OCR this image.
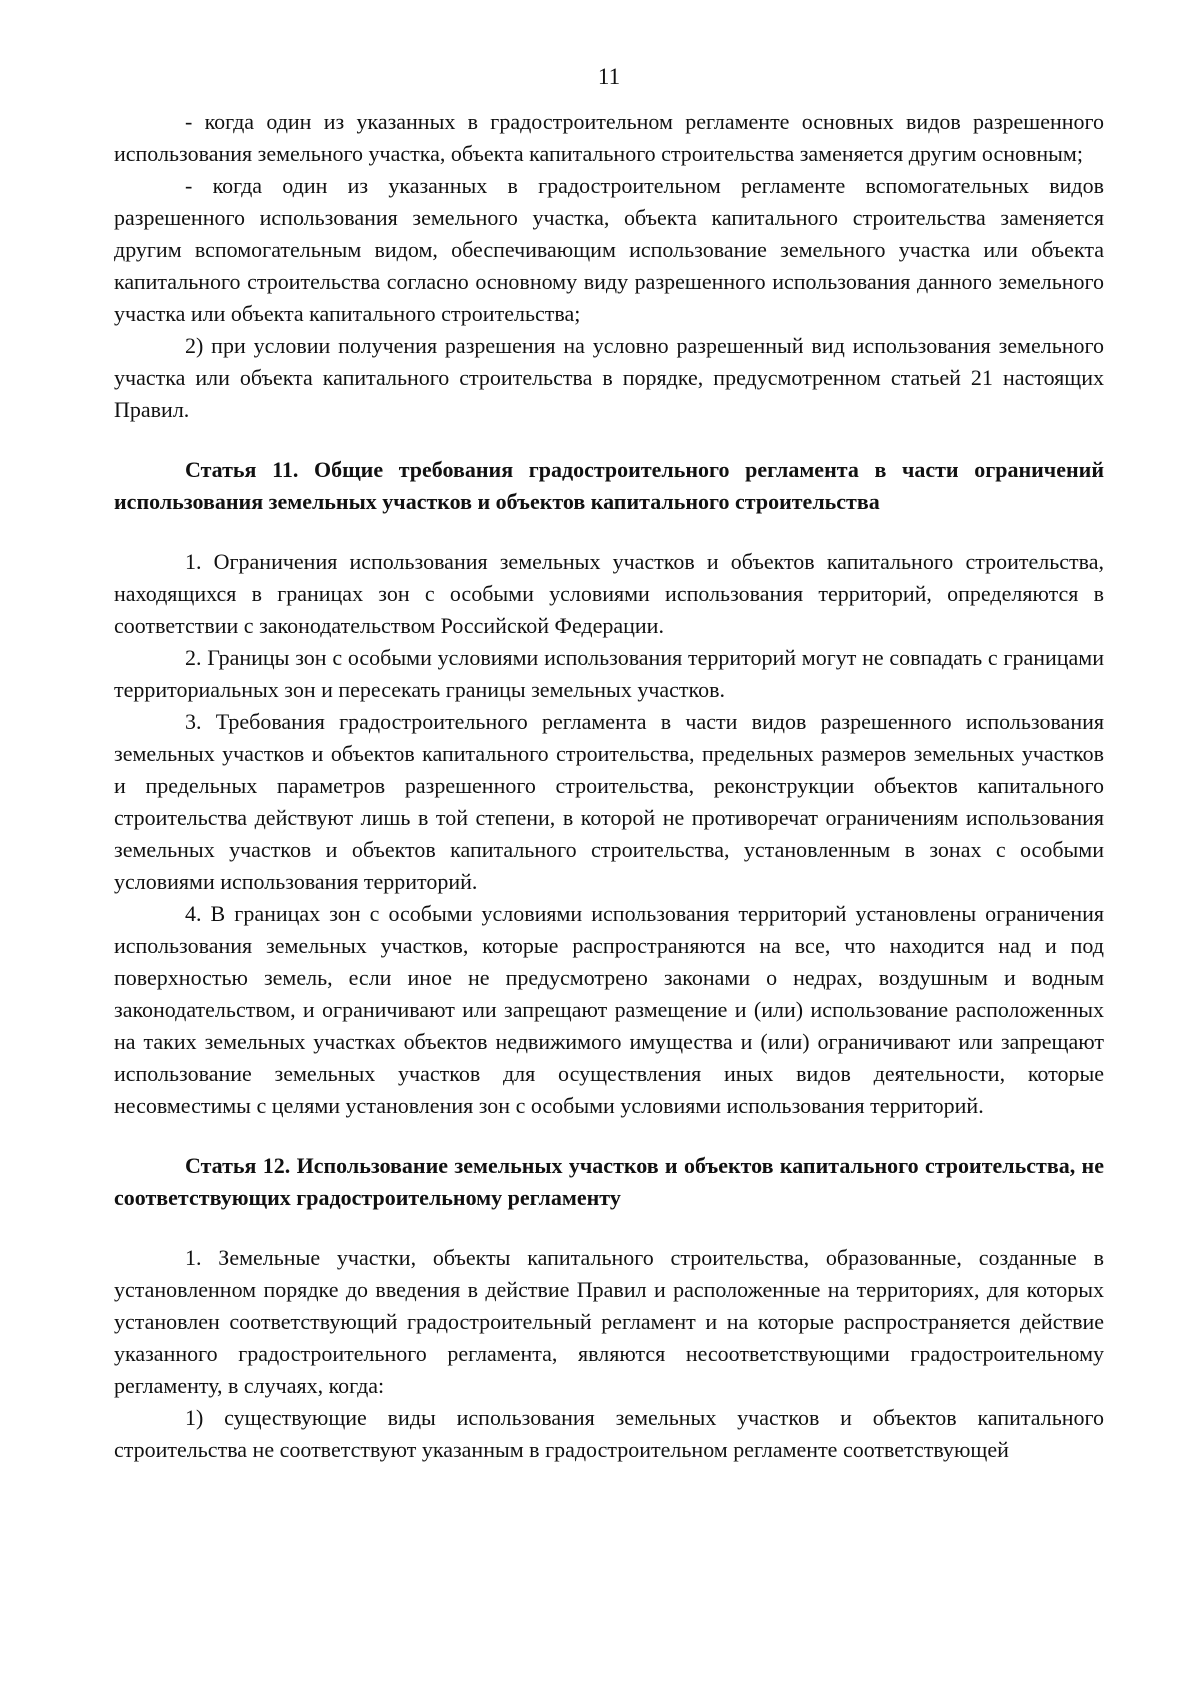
11

- когда один из указанных в градостроительном регламенте основных видов разрешенного использования земельного участка, объекта капитального строительства заменяется другим основным;

- когда один из указанных в градостроительном регламенте вспомогательных видов разрешенного использования земельного участка, объекта капитального строительства заменяется другим вспомогательным видом, обеспечивающим использование земельного участка или объекта капитального строительства согласно основному виду разрешенного использования данного земельного участка или объекта капитального строительства;

2) при условии получения разрешения на условно разрешенный вид использования земельного участка или объекта капитального строительства в порядке, предусмотренном статьей 21 настоящих Правил.

Статья 11. Общие требования градостроительного регламента в части ограничений использования земельных участков и объектов капитального строительства

1. Ограничения использования земельных участков и объектов капитального строительства, находящихся в границах зон с особыми условиями использования территорий, определяются в соответствии с законодательством Российской Федерации.

2. Границы зон с особыми условиями использования территорий могут не совпадать с границами территориальных зон и пересекать границы земельных участков.

3. Требования градостроительного регламента в части видов разрешенного использования земельных участков и объектов капитального строительства, предельных размеров земельных участков и предельных параметров разрешенного строительства, реконструкции объектов капитального строительства действуют лишь в той степени, в которой не противоречат ограничениям использования земельных участков и объектов капитального строительства, установленным в зонах с особыми условиями использования территорий.

4. В границах зон с особыми условиями использования территорий установлены ограничения использования земельных участков, которые распространяются на все, что находится над и под поверхностью земель, если иное не предусмотрено законами о недрах, воздушным и водным законодательством, и ограничивают или запрещают размещение и (или) использование расположенных на таких земельных участках объектов недвижимого имущества и (или) ограничивают или запрещают использование земельных участков для осуществления иных видов деятельности, которые несовместимы с целями установления зон с особыми условиями использования территорий.

Статья 12. Использование земельных участков и объектов капитального строительства, не соответствующих градостроительному регламенту

1. Земельные участки, объекты капитального строительства, образованные, созданные в установленном порядке до введения в действие Правил и расположенные на территориях, для которых установлен соответствующий градостроительный регламент и на которые распространяется действие указанного градостроительного регламента, являются несоответствующими градостроительному регламенту, в случаях, когда:

1) существующие виды использования земельных участков и объектов капитального строительства не соответствуют указанным в градостроительном регламенте соответствующей
